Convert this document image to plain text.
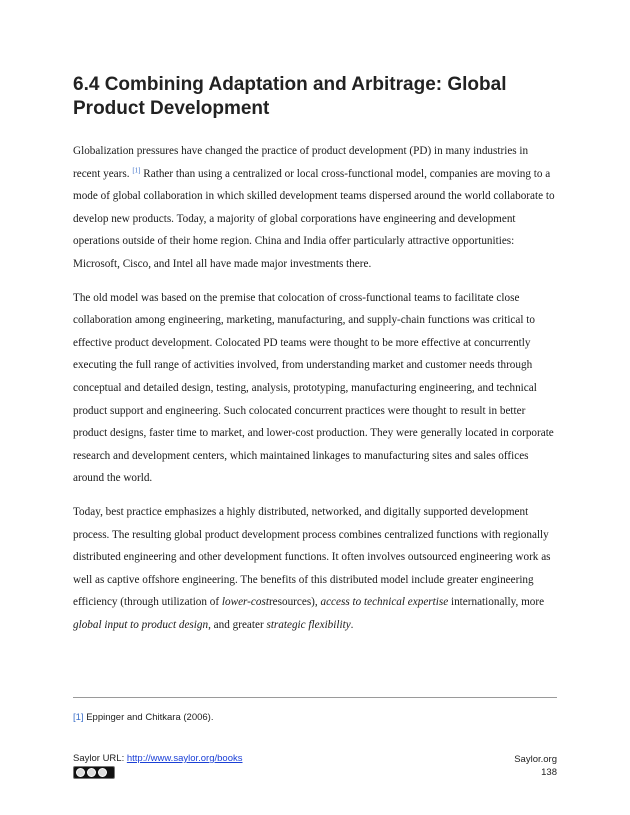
6.4 Combining Adaptation and Arbitrage: Global Product Development

Globalization pressures have changed the practice of product development (PD) in many industries in recent years. [1] Rather than using a centralized or local cross-functional model, companies are moving to a mode of global collaboration in which skilled development teams dispersed around the world collaborate to develop new products. Today, a majority of global corporations have engineering and development operations outside of their home region. China and India offer particularly attractive opportunities: Microsoft, Cisco, and Intel all have made major investments there.

The old model was based on the premise that colocation of cross-functional teams to facilitate close collaboration among engineering, marketing, manufacturing, and supply-chain functions was critical to effective product development. Colocated PD teams were thought to be more effective at concurrently executing the full range of activities involved, from understanding market and customer needs through conceptual and detailed design, testing, analysis, prototyping, manufacturing engineering, and technical product support and engineering. Such colocated concurrent practices were thought to result in better product designs, faster time to market, and lower-cost production. They were generally located in corporate research and development centers, which maintained linkages to manufacturing sites and sales offices around the world.

Today, best practice emphasizes a highly distributed, networked, and digitally supported development process. The resulting global product development process combines centralized functions with regionally distributed engineering and other development functions. It often involves outsourced engineering work as well as captive offshore engineering. The benefits of this distributed model include greater engineering efficiency (through utilization of lower-costresources), access to technical expertise internationally, more global input to product design, and greater strategic flexibility.

[1] Eppinger and Chitkara (2006).
Saylor URL: http://www.saylor.org/books	Saylor.org
138
